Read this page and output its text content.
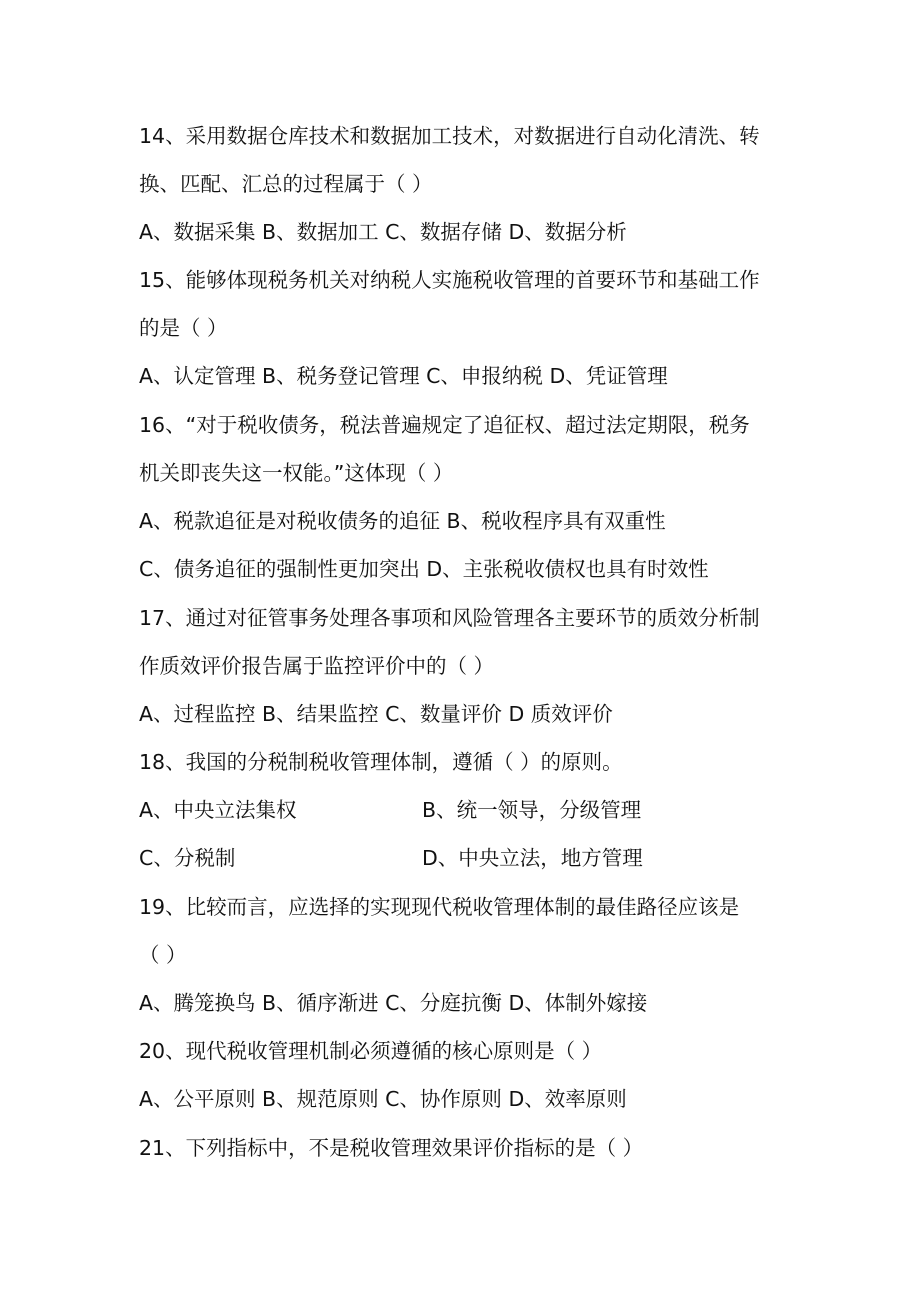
14、采用数据仓库技术和数据加工技术，对数据进行自动化清洗、转
换、匹配、汇总的过程属于（ ）
A、数据采集 B、数据加工 C、数据存储 D、数据分析
15、能够体现税务机关对纳税人实施税收管理的首要环节和基础工作
的是（ ）
A、认定管理 B、税务登记管理 C、申报纳税 D、凭证管理
16、“对于税收债务，税法普遍规定了追征权、超过法定期限，税务
机关即丧失这一权能。”这体现（ ）
A、税款追征是对税收债务的追征 B、税收程序具有双重性
C、债务追征的强制性更加突出 D、主张税收债权也具有时效性
17、通过对征管事务处理各事项和风险管理各主要环节的质效分析制
作质效评价报告属于监控评价中的（ ）
A、过程监控 B、结果监控 C、数量评价 D 质效评价
18、我国的分税制税收管理体制，遵循（ ）的原则。
A、中央立法集权	B、统一领导，分级管理
C、分税制	D、中央立法，地方管理
19、比较而言，应选择的实现现代税收管理体制的最佳路径应该是
（ ）
A、腾笼换鸟 B、循序渐进 C、分庭抗衡 D、体制外嫁接
20、现代税收管理机制必须遵循的核心原则是（ ）
A、公平原则 B、规范原则 C、协作原则 D、效率原则
21、下列指标中，不是税收管理效果评价指标的是（ ）
